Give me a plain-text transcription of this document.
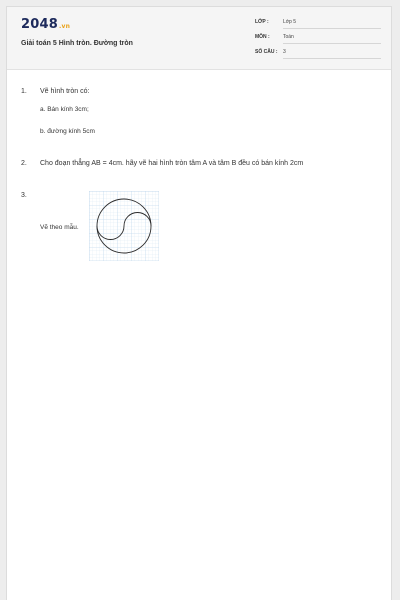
2048.vn
Giải toán 5 Hình tròn. Đường tròn
LỚP :	Lớp 5
MÔN :	Toán
SỐ CÂU : 3
1. Vẽ hình tròn có:
a. Bán kính 3cm;
b. đường kính 5cm
2. Cho đoạn thẳng AB = 4cm. hãy vẽ hai hình tròn tâm A và tâm B đều có bán kính 2cm
3.
Vẽ theo mẫu.
